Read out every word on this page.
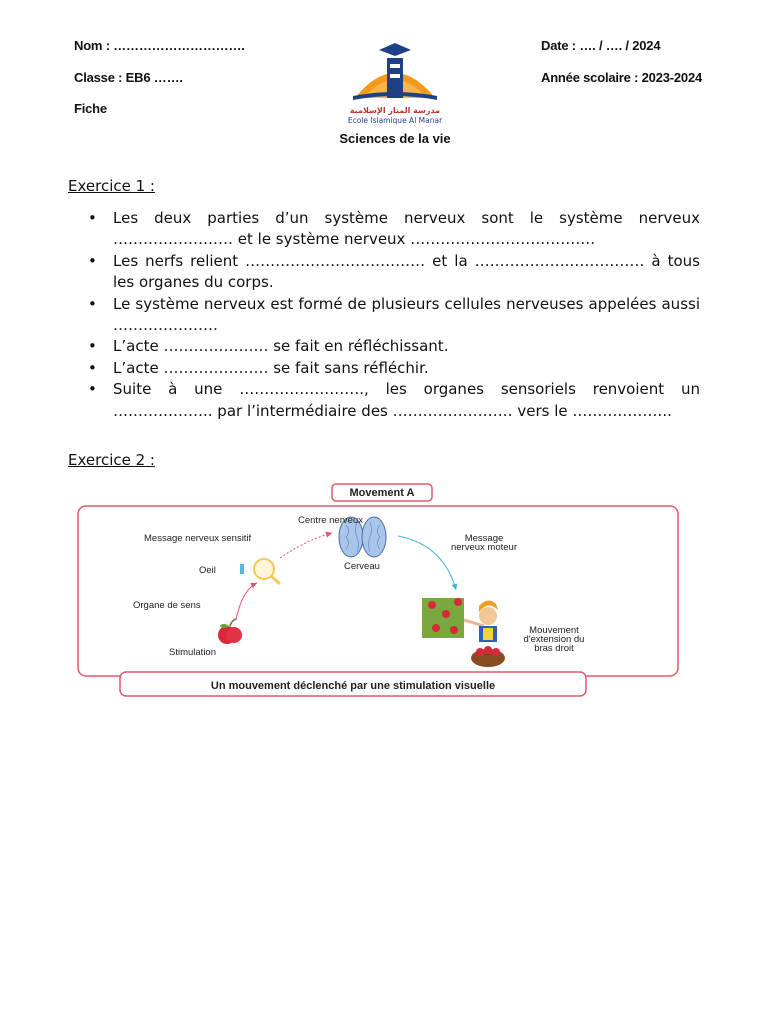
Nom : ………………………….
Classe : EB6 …….
Fiche
Date : …. / …. / 2024
Année scolaire : 2023-2024
مدرسة المنار الإسلامية
Ecole Islamique Al Manar
Sciences de la vie
Exercice 1 :
• Les deux parties d’un système nerveux sont le système nerveux …………………… et le système nerveux ……………………………….
• Les nerfs relient ……………………………… et la ……………….…………… à tous les organes du corps.
• Le système nerveux est formé de plusieurs cellules nerveuses appelées aussi …………………
• L’acte ………………… se fait en réfléchissant.
• L’acte ………………… se fait sans réfléchir.
• Suite à une ……………………., les organes sensoriels renvoient un ……………….. par l’intermédiaire des …………………… vers le ………………..
Exercice 2 :
Movement A
Un mouvement déclenché par une stimulation visuelle
Centre nerveux
Message nerveux sensitif
Oeil
Organe de sens
Stimulation
Cerveau
Message
nerveux moteur
Mouvement
d'extension du
bras droit
